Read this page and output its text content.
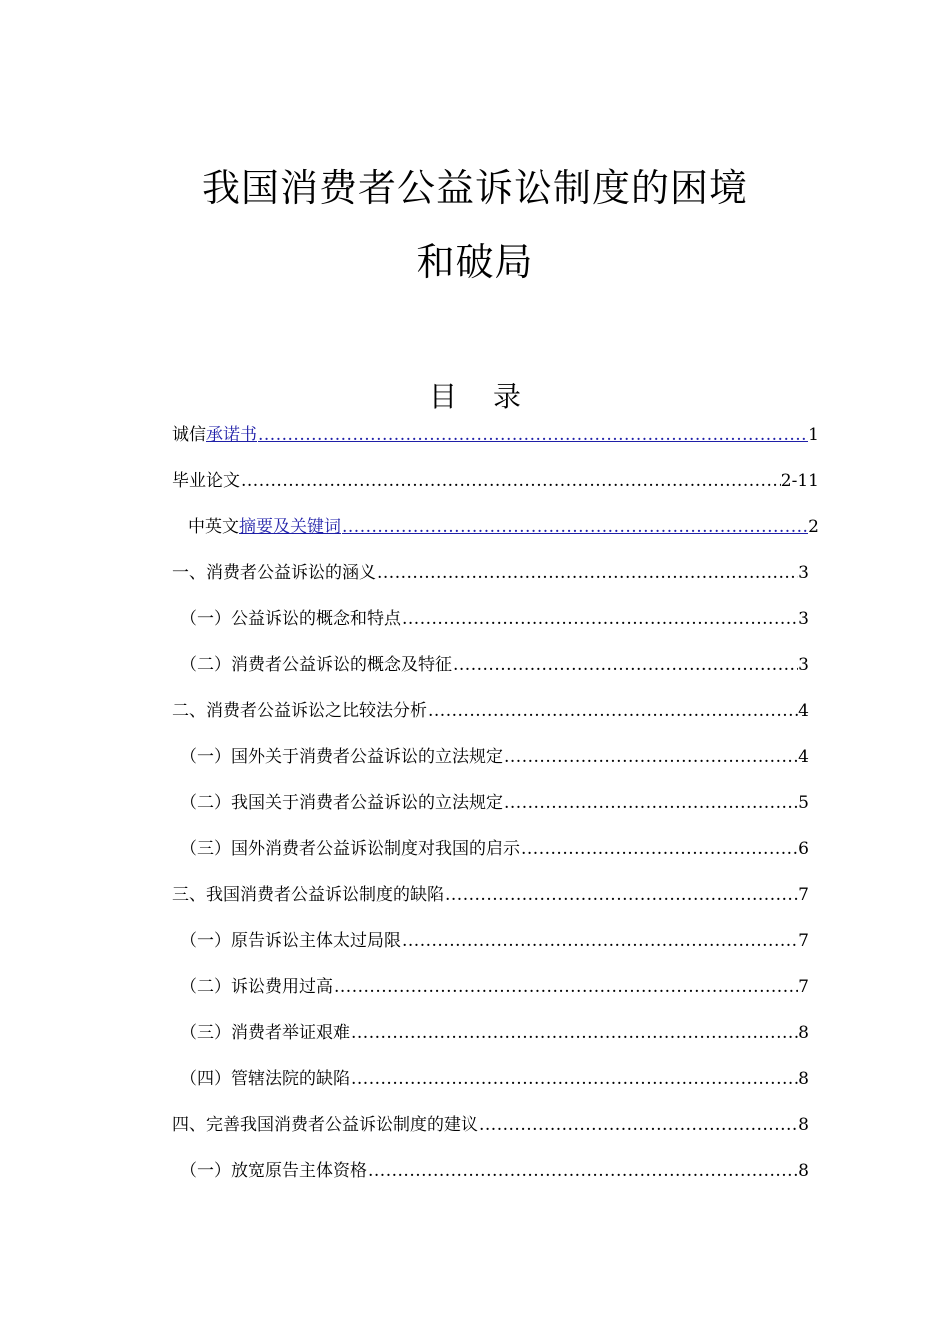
我国消费者公益诉讼制度的困境
和破局
目 录
诚信 承诺书 .....	1
毕业论文 .....	2-11
中英文 摘要及关键词 .....	2
一、消费者公益诉讼的涵义 .....	3
（一）公益诉讼的概念和特点 .....	3
（二）消费者公益诉讼的概念及特征 .....	3
二、消费者公益诉讼之比较法分析 .....	4
（一）国外关于消费者公益诉讼的立法规定 .....	4
（二）我国关于消费者公益诉讼的立法规定 .....	5
（三）国外消费者公益诉讼制度对我国的启示 .....	6
三、我国消费者公益诉讼制度的缺陷 .....	7
（一）原告诉讼主体太过局限 .....	7
（二）诉讼费用过高 .....	7
（三）消费者举证艰难 .....	8
（四）管辖法院的缺陷 .....	8
四、完善我国消费者公益诉讼制度的建议 .....	8
（一）放宽原告主体资格 .....	8
